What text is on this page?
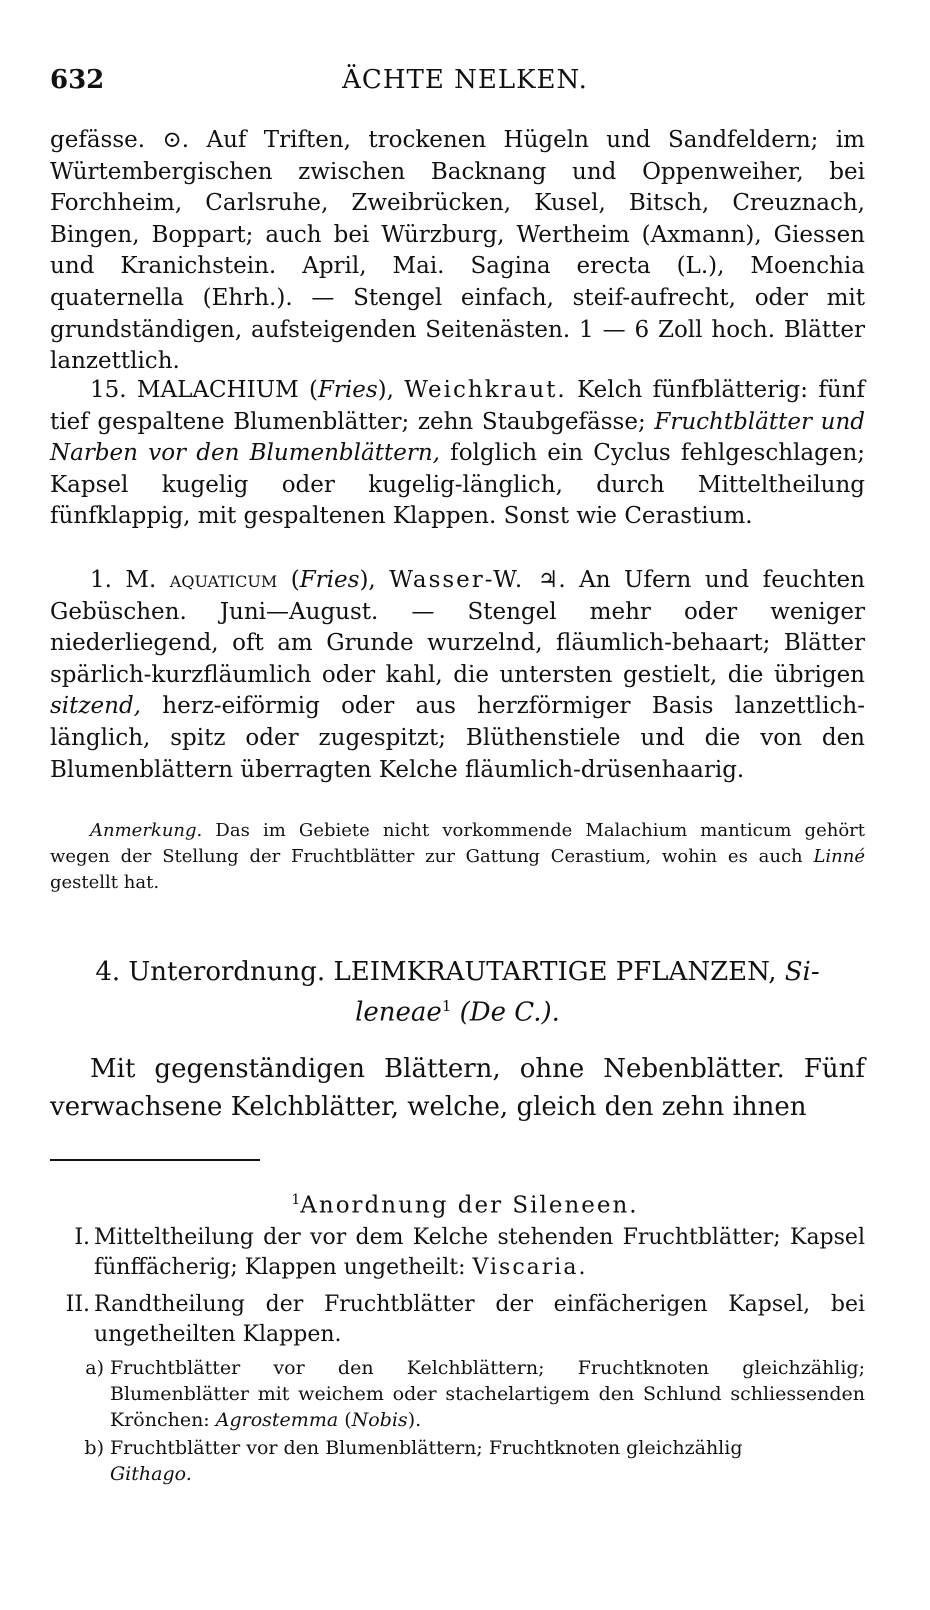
632	ÄCHTE NELKEN.

gefässe. ⊙. Auf Triften, trockenen Hügeln und Sandfeldern; im Würtembergischen zwischen Backnang und Oppenweiher, bei Forchheim, Carlsruhe, Zweibrücken, Kusel, Bitsch, Creuznach, Bingen, Boppart; auch bei Würzburg, Wertheim (Axmann), Giessen und Kranichstein. April, Mai. Sagina erecta (L.), Moenchia quaternella (Ehrh.). — Stengel einfach, steif-aufrecht, oder mit grundständigen, aufsteigenden Seitenästen. 1 — 6 Zoll hoch. Blätter lanzettlich.

15. MALACHIUM (Fries), Weichkraut. Kelch fünfblätterig: fünf tief gespaltene Blumenblätter; zehn Staubgefässe; Fruchtblätter und Narben vor den Blumenblättern, folglich ein Cyclus fehlgeschlagen; Kapsel kugelig oder kugelig-länglich, durch Mitteltheilung fünfklappig, mit gespaltenen Klappen. Sonst wie Cerastium.

1. M. aquaticum (Fries), Wasser-W. ♃. An Ufern und feuchten Gebüschen. Juni—August. — Stengel mehr oder weniger niederliegend, oft am Grunde wurzelnd, fläumlich-behaart; Blätter spärlich-kurzfläumlich oder kahl, die untersten gestielt, die übrigen sitzend, herz-eiförmig oder aus herzförmiger Basis lanzettlich-länglich, spitz oder zugespitzt; Blüthenstiele und die von den Blumenblättern überragten Kelche fläumlich-drüsenhaarig.

Anmerkung. Das im Gebiete nicht vorkommende Malachium manticum gehört wegen der Stellung der Fruchtblätter zur Gattung Cerastium, wohin es auch Linné gestellt hat.

4. Unterordnung. LEIMKRAUTARTIGE PFLANZEN, Si-
leneae$^1$ (De C.).

Mit gegenständigen Blättern, ohne Nebenblätter. Fünf verwachsene Kelchblätter, welche, gleich den zehn ihnen

$^1$Anordnung der Sileneen.
I. Mitteltheilung der vor dem Kelche stehenden Fruchtblätter; Kapsel fünffächerig; Klappen ungetheilt: Viscaria.
II. Randtheilung der Fruchtblätter der einfächerigen Kapsel, bei ungetheilten Klappen.
a) Fruchtblätter vor den Kelchblättern; Fruchtknoten gleichzählig; Blumenblätter mit weichem oder stachelartigem den Schlund schliessenden Krönchen: Agrostemma (Nobis).
b) Fruchtblätter vor den Blumenblättern; Fruchtknoten gleichzählig
Githago.
